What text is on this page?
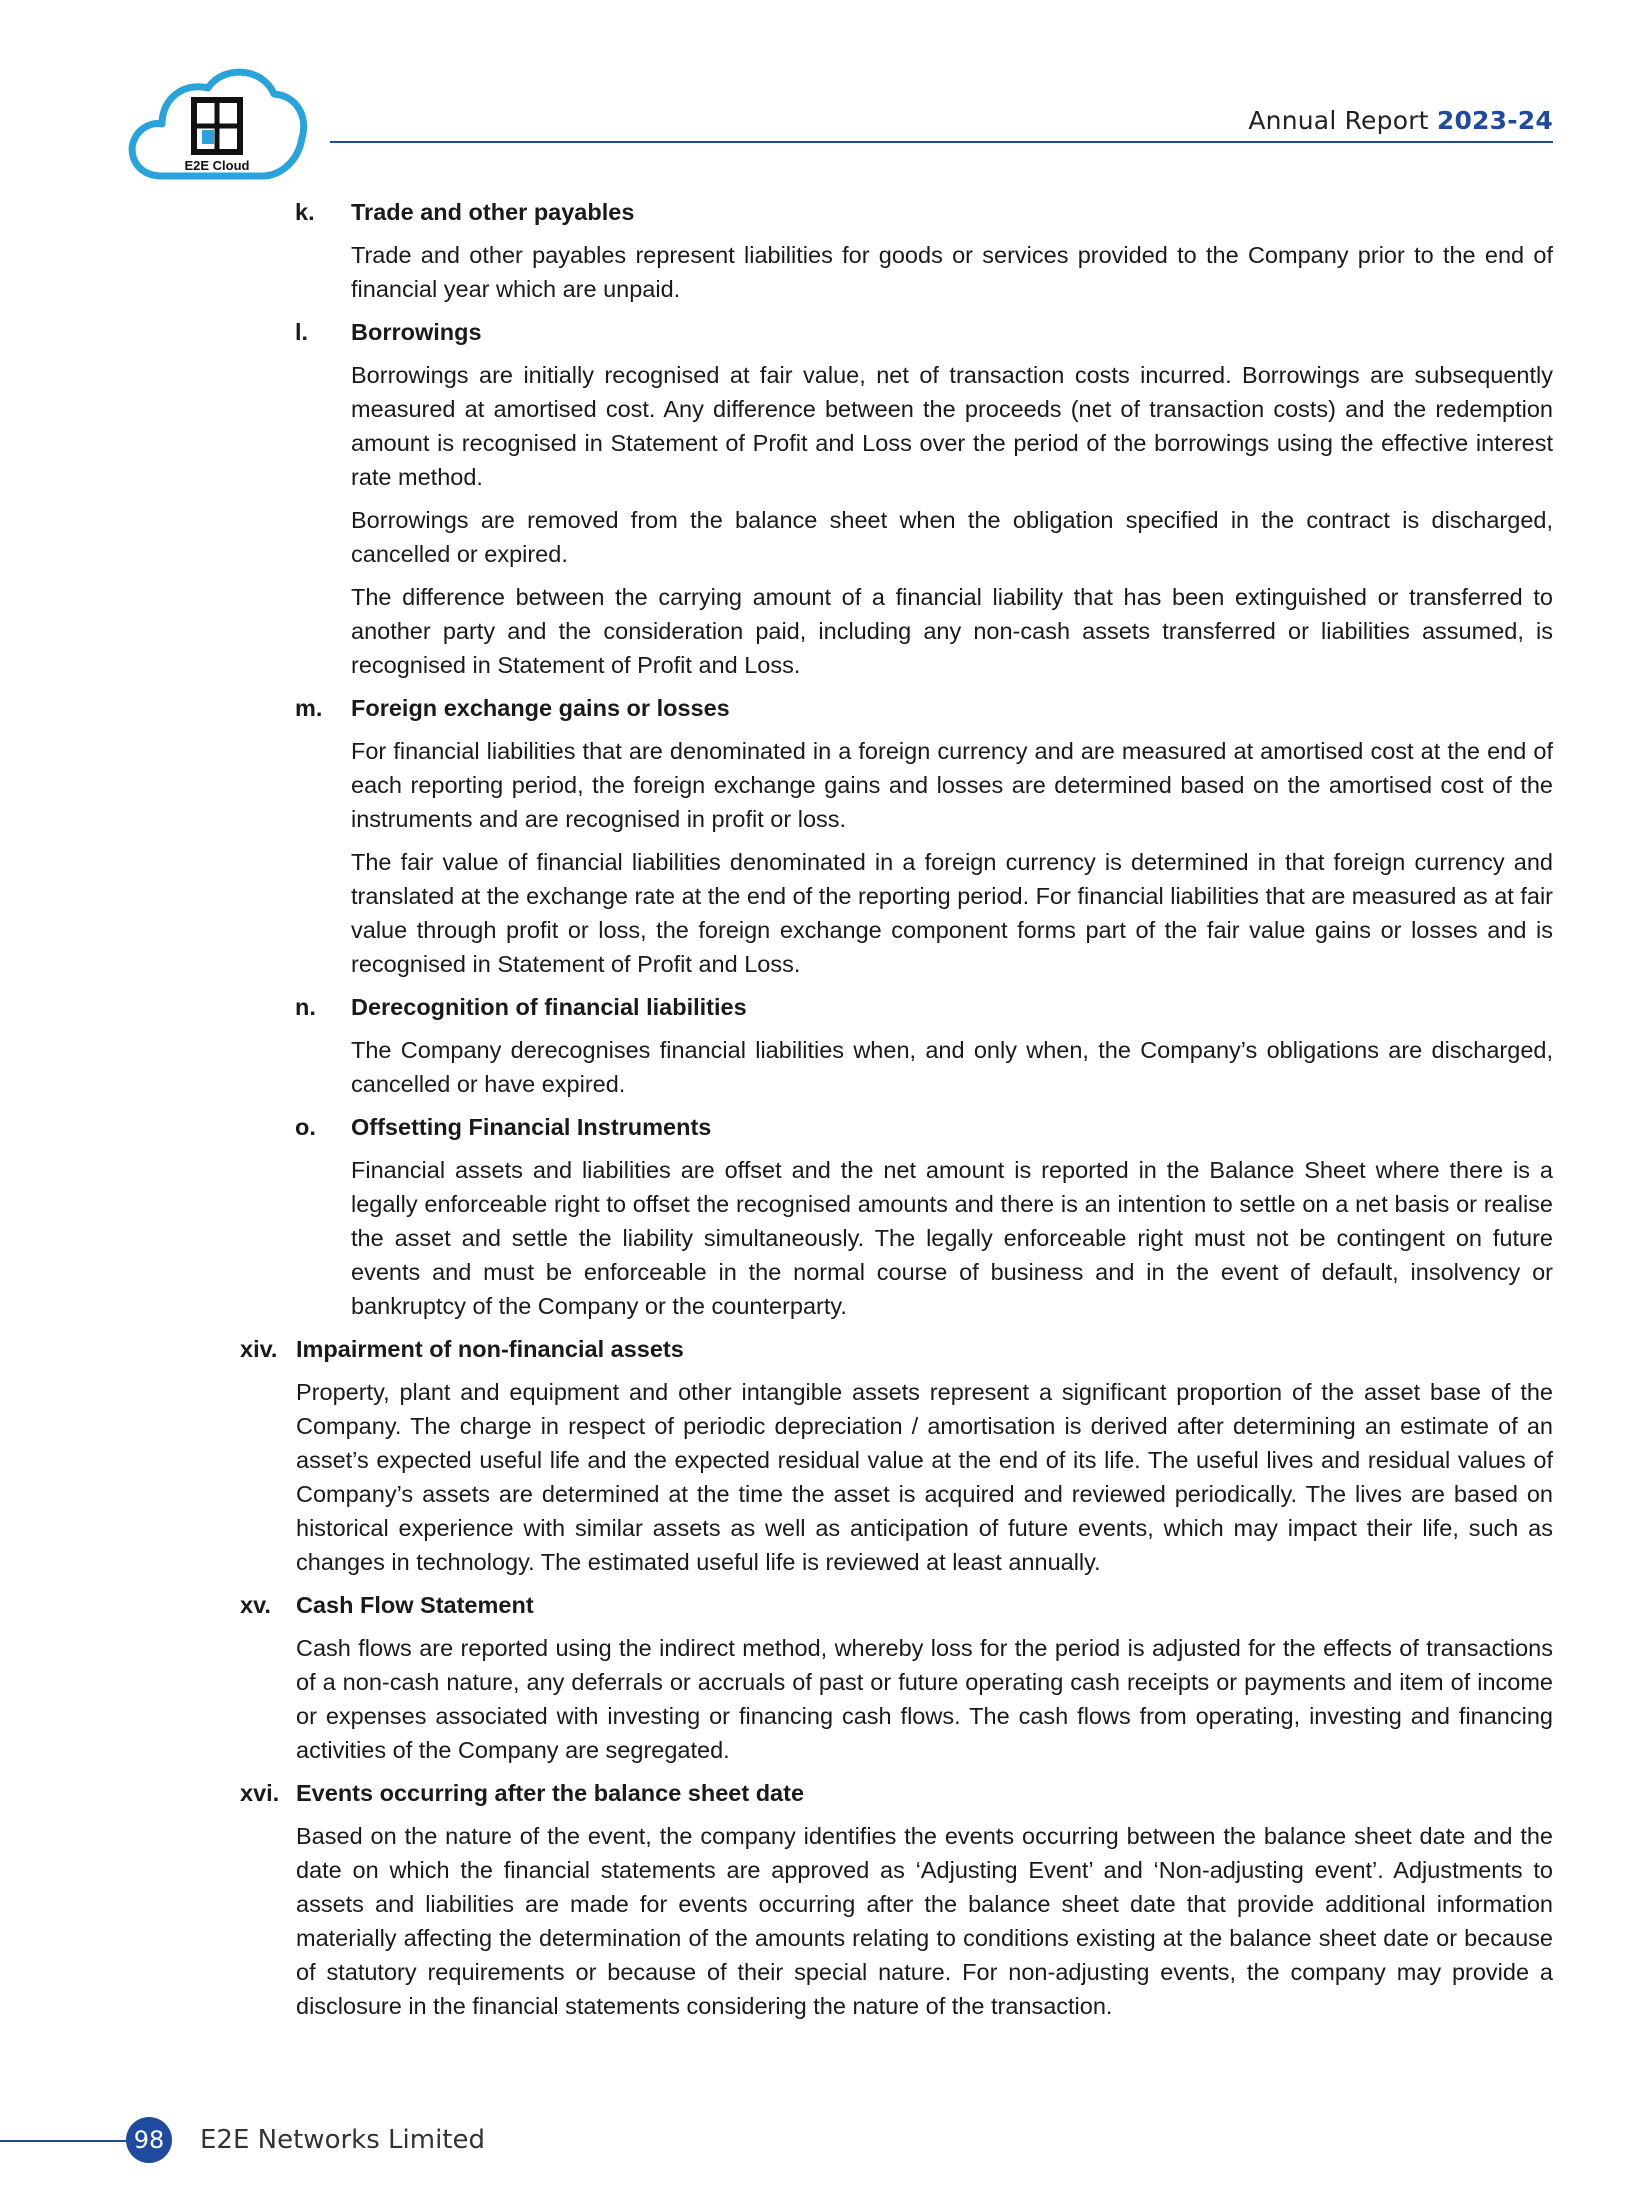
E2E Cloud
Annual Report 2023-24
k.	Trade and other payables

Trade and other payables represent liabilities for goods or services provided to the Company prior to the end of financial year which are unpaid.

l.	Borrowings

Borrowings are initially recognised at fair value, net of transaction costs incurred. Borrowings are subsequently measured at amortised cost. Any difference between the proceeds (net of transaction costs) and the redemption amount is recognised in Statement of Profit and Loss over the period of the borrowings using the effective interest rate method.

Borrowings are removed from the balance sheet when the obligation specified in the contract is discharged, cancelled or expired.

The difference between the carrying amount of a financial liability that has been extinguished or transferred to another party and the consideration paid, including any non-cash assets transferred or liabilities assumed, is recognised in Statement of Profit and Loss.

m.	Foreign exchange gains or losses

For financial liabilities that are denominated in a foreign currency and are measured at amortised cost at the end of each reporting period, the foreign exchange gains and losses are determined based on the amortised cost of the instruments and are recognised in profit or loss.

The fair value of financial liabilities denominated in a foreign currency is determined in that foreign currency and translated at the exchange rate at the end of the reporting period. For financial liabilities that are measured as at fair value through profit or loss, the foreign exchange component forms part of the fair value gains or losses and is recognised in Statement of Profit and Loss.

n.	Derecognition of financial liabilities

The Company derecognises financial liabilities when, and only when, the Company’s obligations are discharged, cancelled or have expired.

o.	Offsetting Financial Instruments

Financial assets and liabilities are offset and the net amount is reported in the Balance Sheet where there is a legally enforceable right to offset the recognised amounts and there is an intention to settle on a net basis or realise the asset and settle the liability simultaneously. The legally enforceable right must not be contingent on future events and must be enforceable in the normal course of business and in the event of default, insolvency or bankruptcy of the Company or the counterparty.

xiv. Impairment of non-financial assets

Property, plant and equipment and other intangible assets represent a significant proportion of the asset base of the Company. The charge in respect of periodic depreciation / amortisation is derived after determining an estimate of an asset’s expected useful life and the expected residual value at the end of its life. The useful lives and residual values of Company’s assets are determined at the time the asset is acquired and reviewed periodically. The lives are based on historical experience with similar assets as well as anticipation of future events, which may impact their life, such as changes in technology. The estimated useful life is reviewed at least annually.

xv.	Cash Flow Statement

Cash flows are reported using the indirect method, whereby loss for the period is adjusted for the effects of transactions of a non-cash nature, any deferrals or accruals of past or future operating cash receipts or payments and item of income or expenses associated with investing or financing cash flows. The cash flows from operating, investing and financing activities of the Company are segregated.

xvi. Events occurring after the balance sheet date

Based on the nature of the event, the company identifies the events occurring between the balance sheet date and the date on which the financial statements are approved as ‘Adjusting Event’ and ‘Non-adjusting event’. Adjustments to assets and liabilities are made for events occurring after the balance sheet date that provide additional information materially affecting the determination of the amounts relating to conditions existing at the balance sheet date or because of statutory requirements or because of their special nature. For non-adjusting events, the company may provide a disclosure in the financial statements considering the nature of the transaction.

98 E2E Networks Limited
